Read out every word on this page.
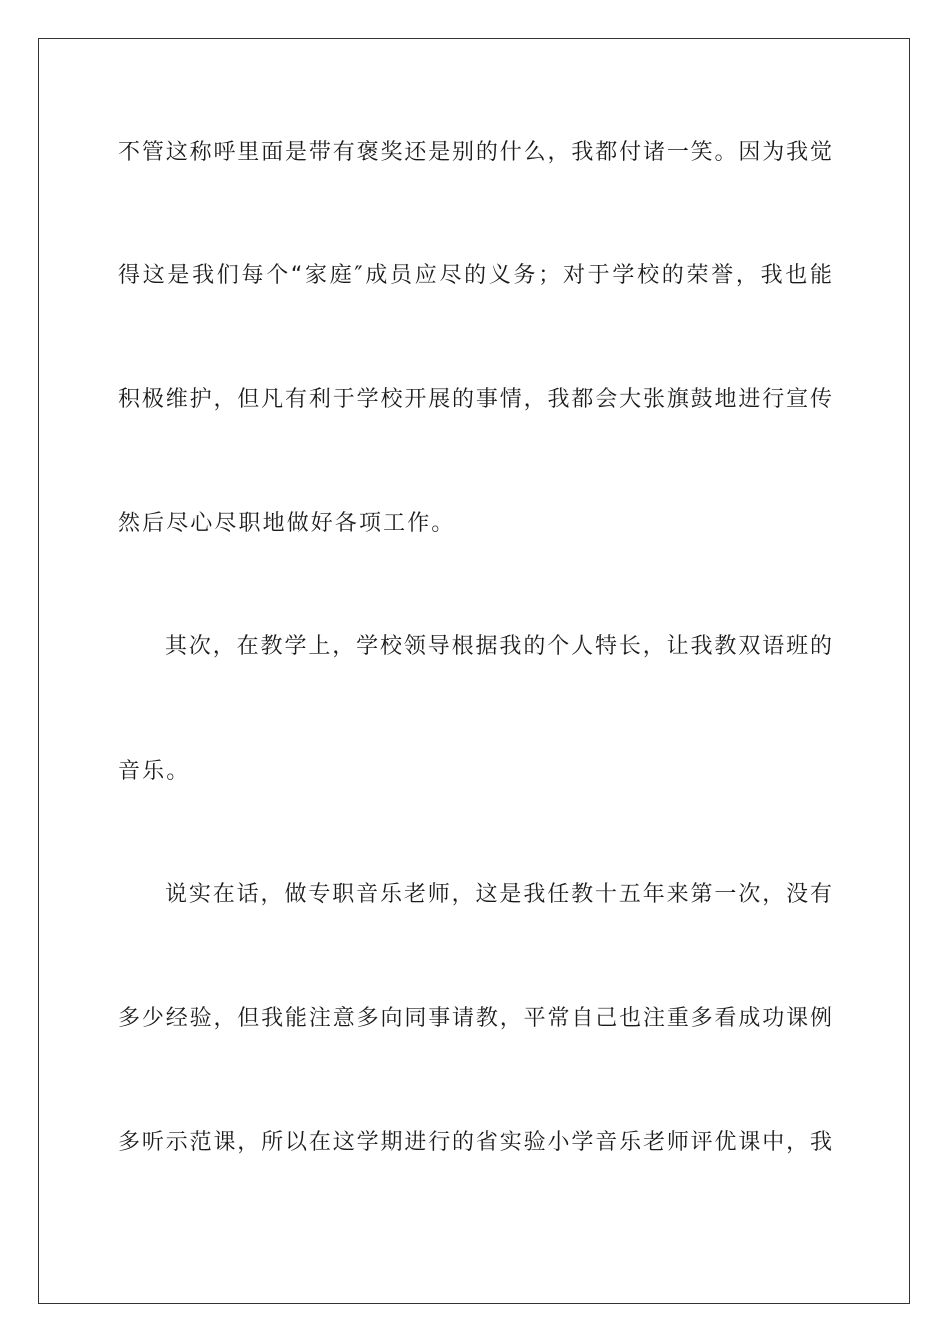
不管这称呼里面是带有褒奖还是别的什么，我都付诸一笑。因为我觉
得这是我们每个“家庭″成员应尽的义务；对于学校的荣誉，我也能
积极维护，但凡有利于学校开展的事情，我都会大张旗鼓地进行宣传
然后尽心尽职地做好各项工作。
其次，在教学上，学校领导根据我的个人特长，让我教双语班的
音乐。
说实在话，做专职音乐老师，这是我任教十五年来第一次，没有
多少经验，但我能注意多向同事请教，平常自己也注重多看成功课例
多听示范课，所以在这学期进行的省实验小学音乐老师评优课中，我
